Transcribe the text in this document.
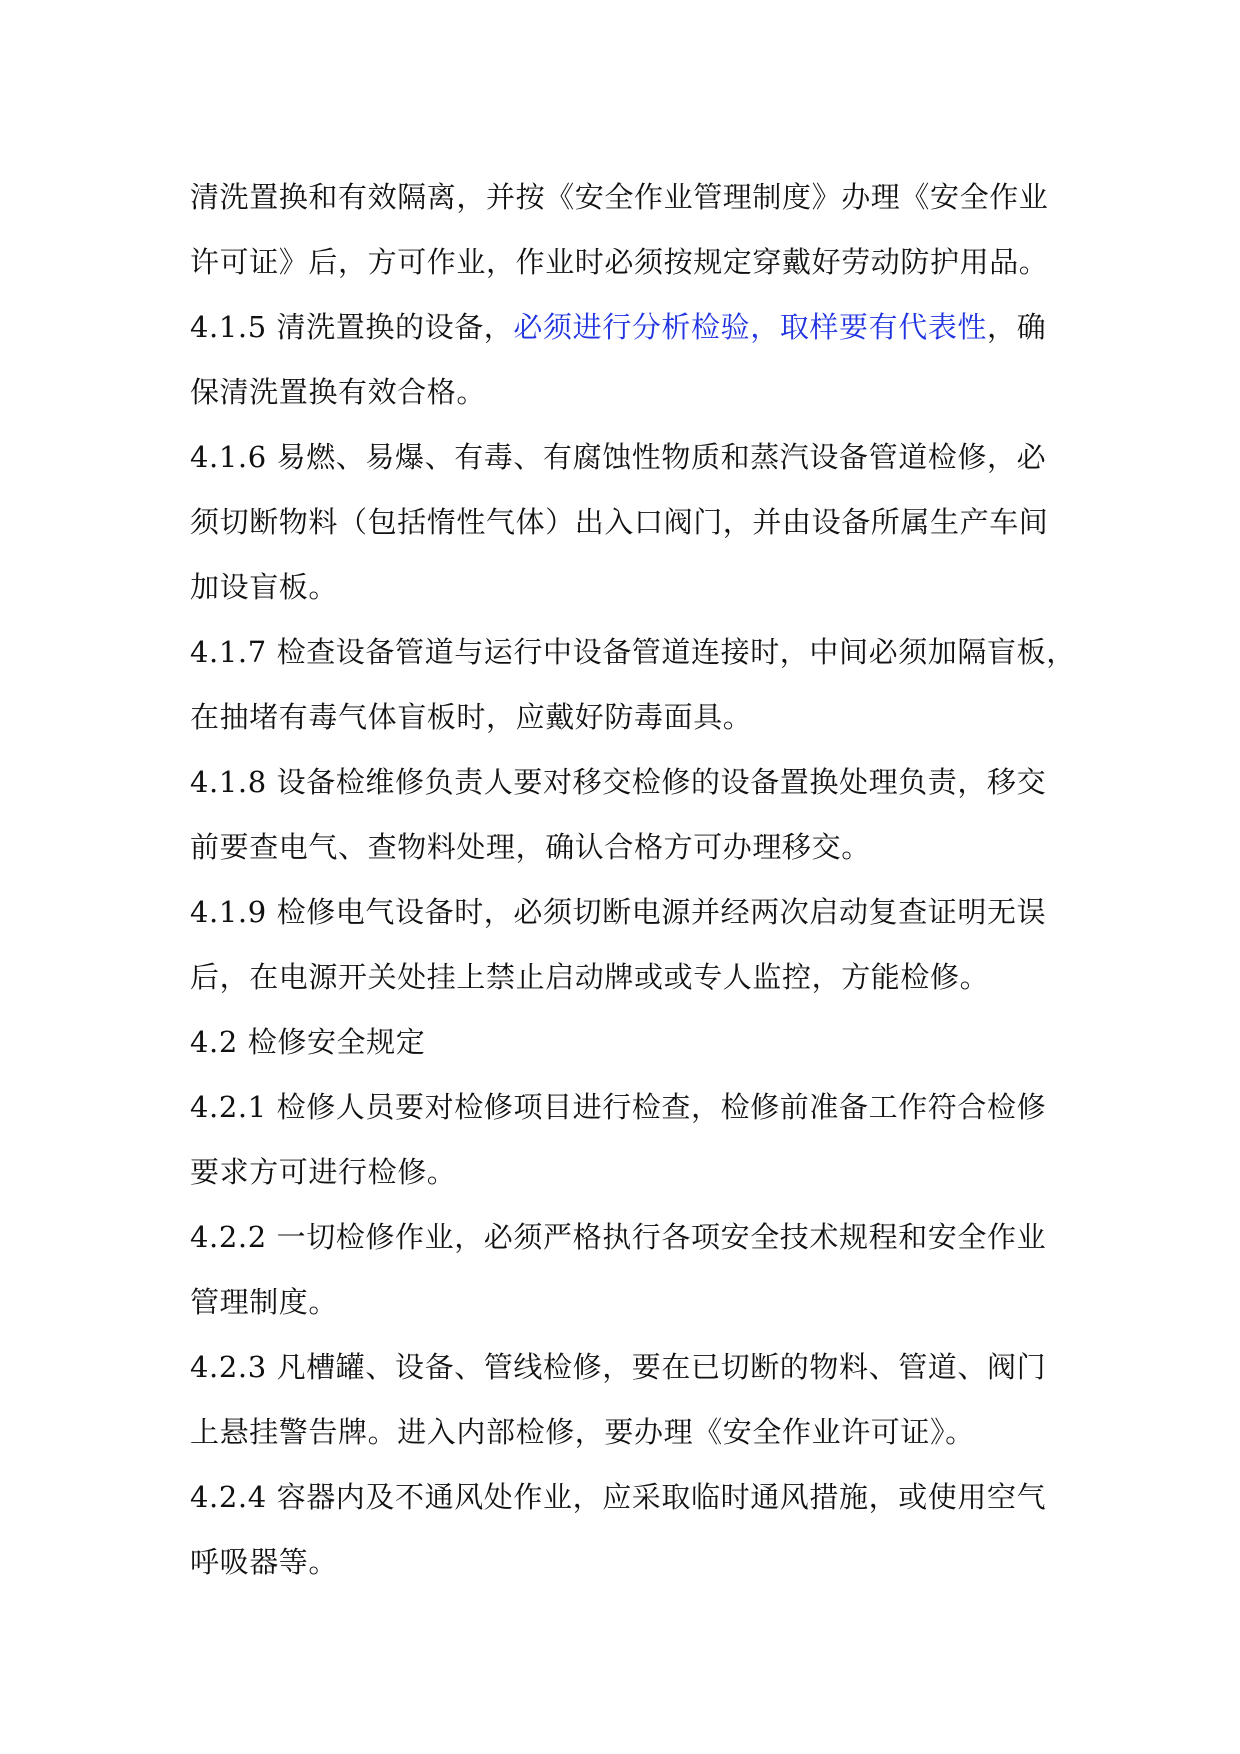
清洗置换和有效隔离，并按《安全作业管理制度》办理《安全作业
许可证》后，方可作业，作业时必须按规定穿戴好劳动防护用品。
4.1.5 清洗置换的设备，必须进行分析检验，取样要有代表性，确
保清洗置换有效合格。
4.1.6 易燃、易爆、有毒、有腐蚀性物质和蒸汽设备管道检修，必
须切断物料（包括惰性气体）出入口阀门，并由设备所属生产车间
加设盲板。
4.1.7 检查设备管道与运行中设备管道连接时，中间必须加隔盲板，
在抽堵有毒气体盲板时，应戴好防毒面具。
4.1.8 设备检维修负责人要对移交检修的设备置换处理负责，移交
前要查电气、查物料处理，确认合格方可办理移交。
4.1.9 检修电气设备时，必须切断电源并经两次启动复查证明无误
后，在电源开关处挂上禁止启动牌或或专人监控，方能检修。
4.2 检修安全规定
4.2.1 检修人员要对检修项目进行检查，检修前准备工作符合检修
要求方可进行检修。
4.2.2 一切检修作业，必须严格执行各项安全技术规程和安全作业
管理制度。
4.2.3 凡槽罐、设备、管线检修，要在已切断的物料、管道、阀门
上悬挂警告牌。进入内部检修，要办理《安全作业许可证》。
4.2.4 容器内及不通风处作业，应采取临时通风措施，或使用空气
呼吸器等。
